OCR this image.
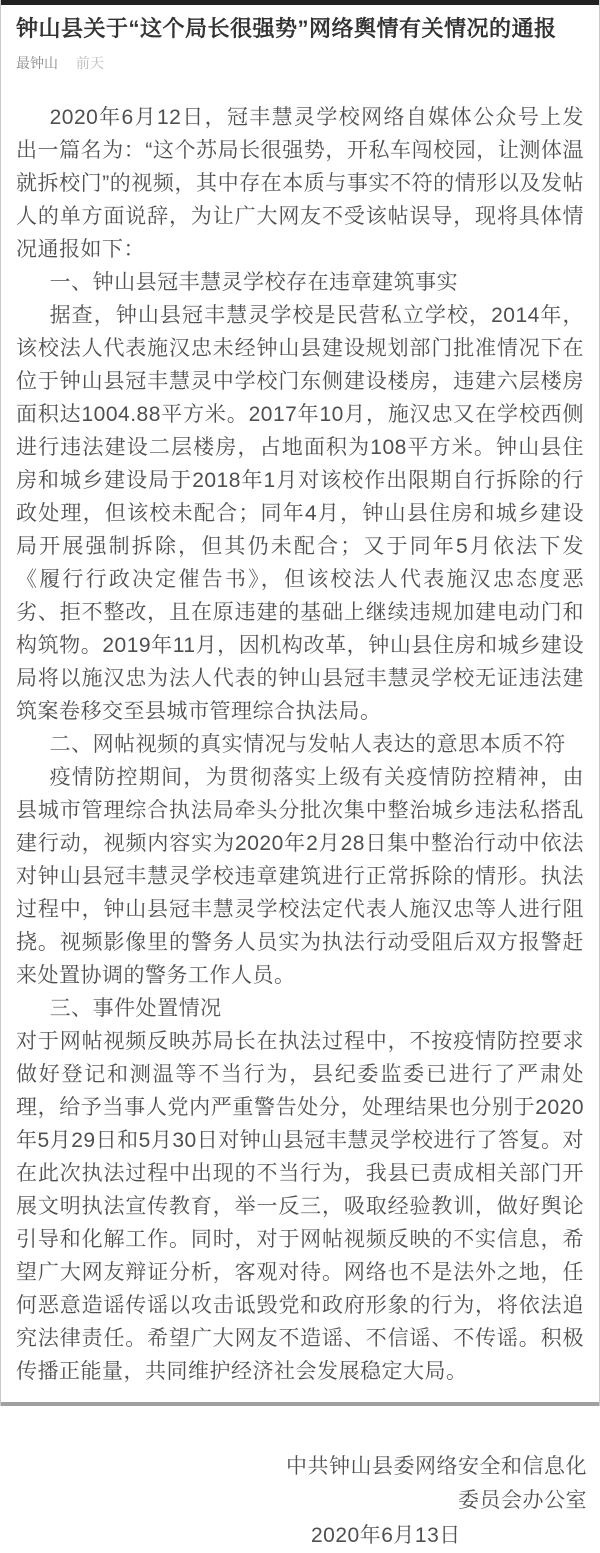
钟山县关于“这个局长很强势”网络舆情有关情况的通报
最钟山 前天

2020年6月12日，冠丰慧灵学校网络自媒体公众号上发出一篇名为：“这个苏局长很强势，开私车闯校园，让测体温就拆校门”的视频，其中存在本质与事实不符的情形以及发帖人的单方面说辞，为让广大网友不受该帖误导，现将具体情况通报如下：

一、钟山县冠丰慧灵学校存在违章建筑事实

据查，钟山县冠丰慧灵学校是民营私立学校，2014年，该校法人代表施汉忠未经钟山县建设规划部门批准情况下在位于钟山县冠丰慧灵中学校门东侧建设楼房，违建六层楼房面积达1004.88平方米。2017年10月，施汉忠又在学校西侧进行违法建设二层楼房，占地面积为108平方米。钟山县住房和城乡建设局于2018年1月对该校作出限期自行拆除的行政处理，但该校未配合；同年4月，钟山县住房和城乡建设局开展强制拆除，但其仍未配合；又于同年5月依法下发《履行行政决定催告书》，但该校法人代表施汉忠态度恶劣、拒不整改，且在原违建的基础上继续违规加建电动门和构筑物。2019年11月，因机构改革，钟山县住房和城乡建设局将以施汉忠为法人代表的钟山县冠丰慧灵学校无证违法建筑案卷移交至县城市管理综合执法局。

二、网帖视频的真实情况与发帖人表达的意思本质不符

疫情防控期间，为贯彻落实上级有关疫情防控精神，由县城市管理综合执法局牵头分批次集中整治城乡违法私搭乱建行动，视频内容实为2020年2月28日集中整治行动中依法对钟山县冠丰慧灵学校违章建筑进行正常拆除的情形。执法过程中，钟山县冠丰慧灵学校法定代表人施汉忠等人进行阻挠。视频影像里的警务人员实为执法行动受阻后双方报警赶来处置协调的警务工作人员。

三、事件处置情况

对于网帖视频反映苏局长在执法过程中，不按疫情防控要求做好登记和测温等不当行为，县纪委监委已进行了严肃处理，给予当事人党内严重警告处分，处理结果也分别于2020年5月29日和5月30日对钟山县冠丰慧灵学校进行了答复。对在此次执法过程中出现的不当行为，我县已责成相关部门开展文明执法宣传教育，举一反三，吸取经验教训，做好舆论引导和化解工作。同时，对于网帖视频反映的不实信息，希望广大网友辩证分析，客观对待。网络也不是法外之地，任何恶意造谣传谣以攻击诋毁党和政府形象的行为，将依法追究法律责任。希望广大网友不造谣、不信谣、不传谣。积极传播正能量，共同维护经济社会发展稳定大局。

中共钟山县委网络安全和信息化
委员会办公室
2020年6月13日
